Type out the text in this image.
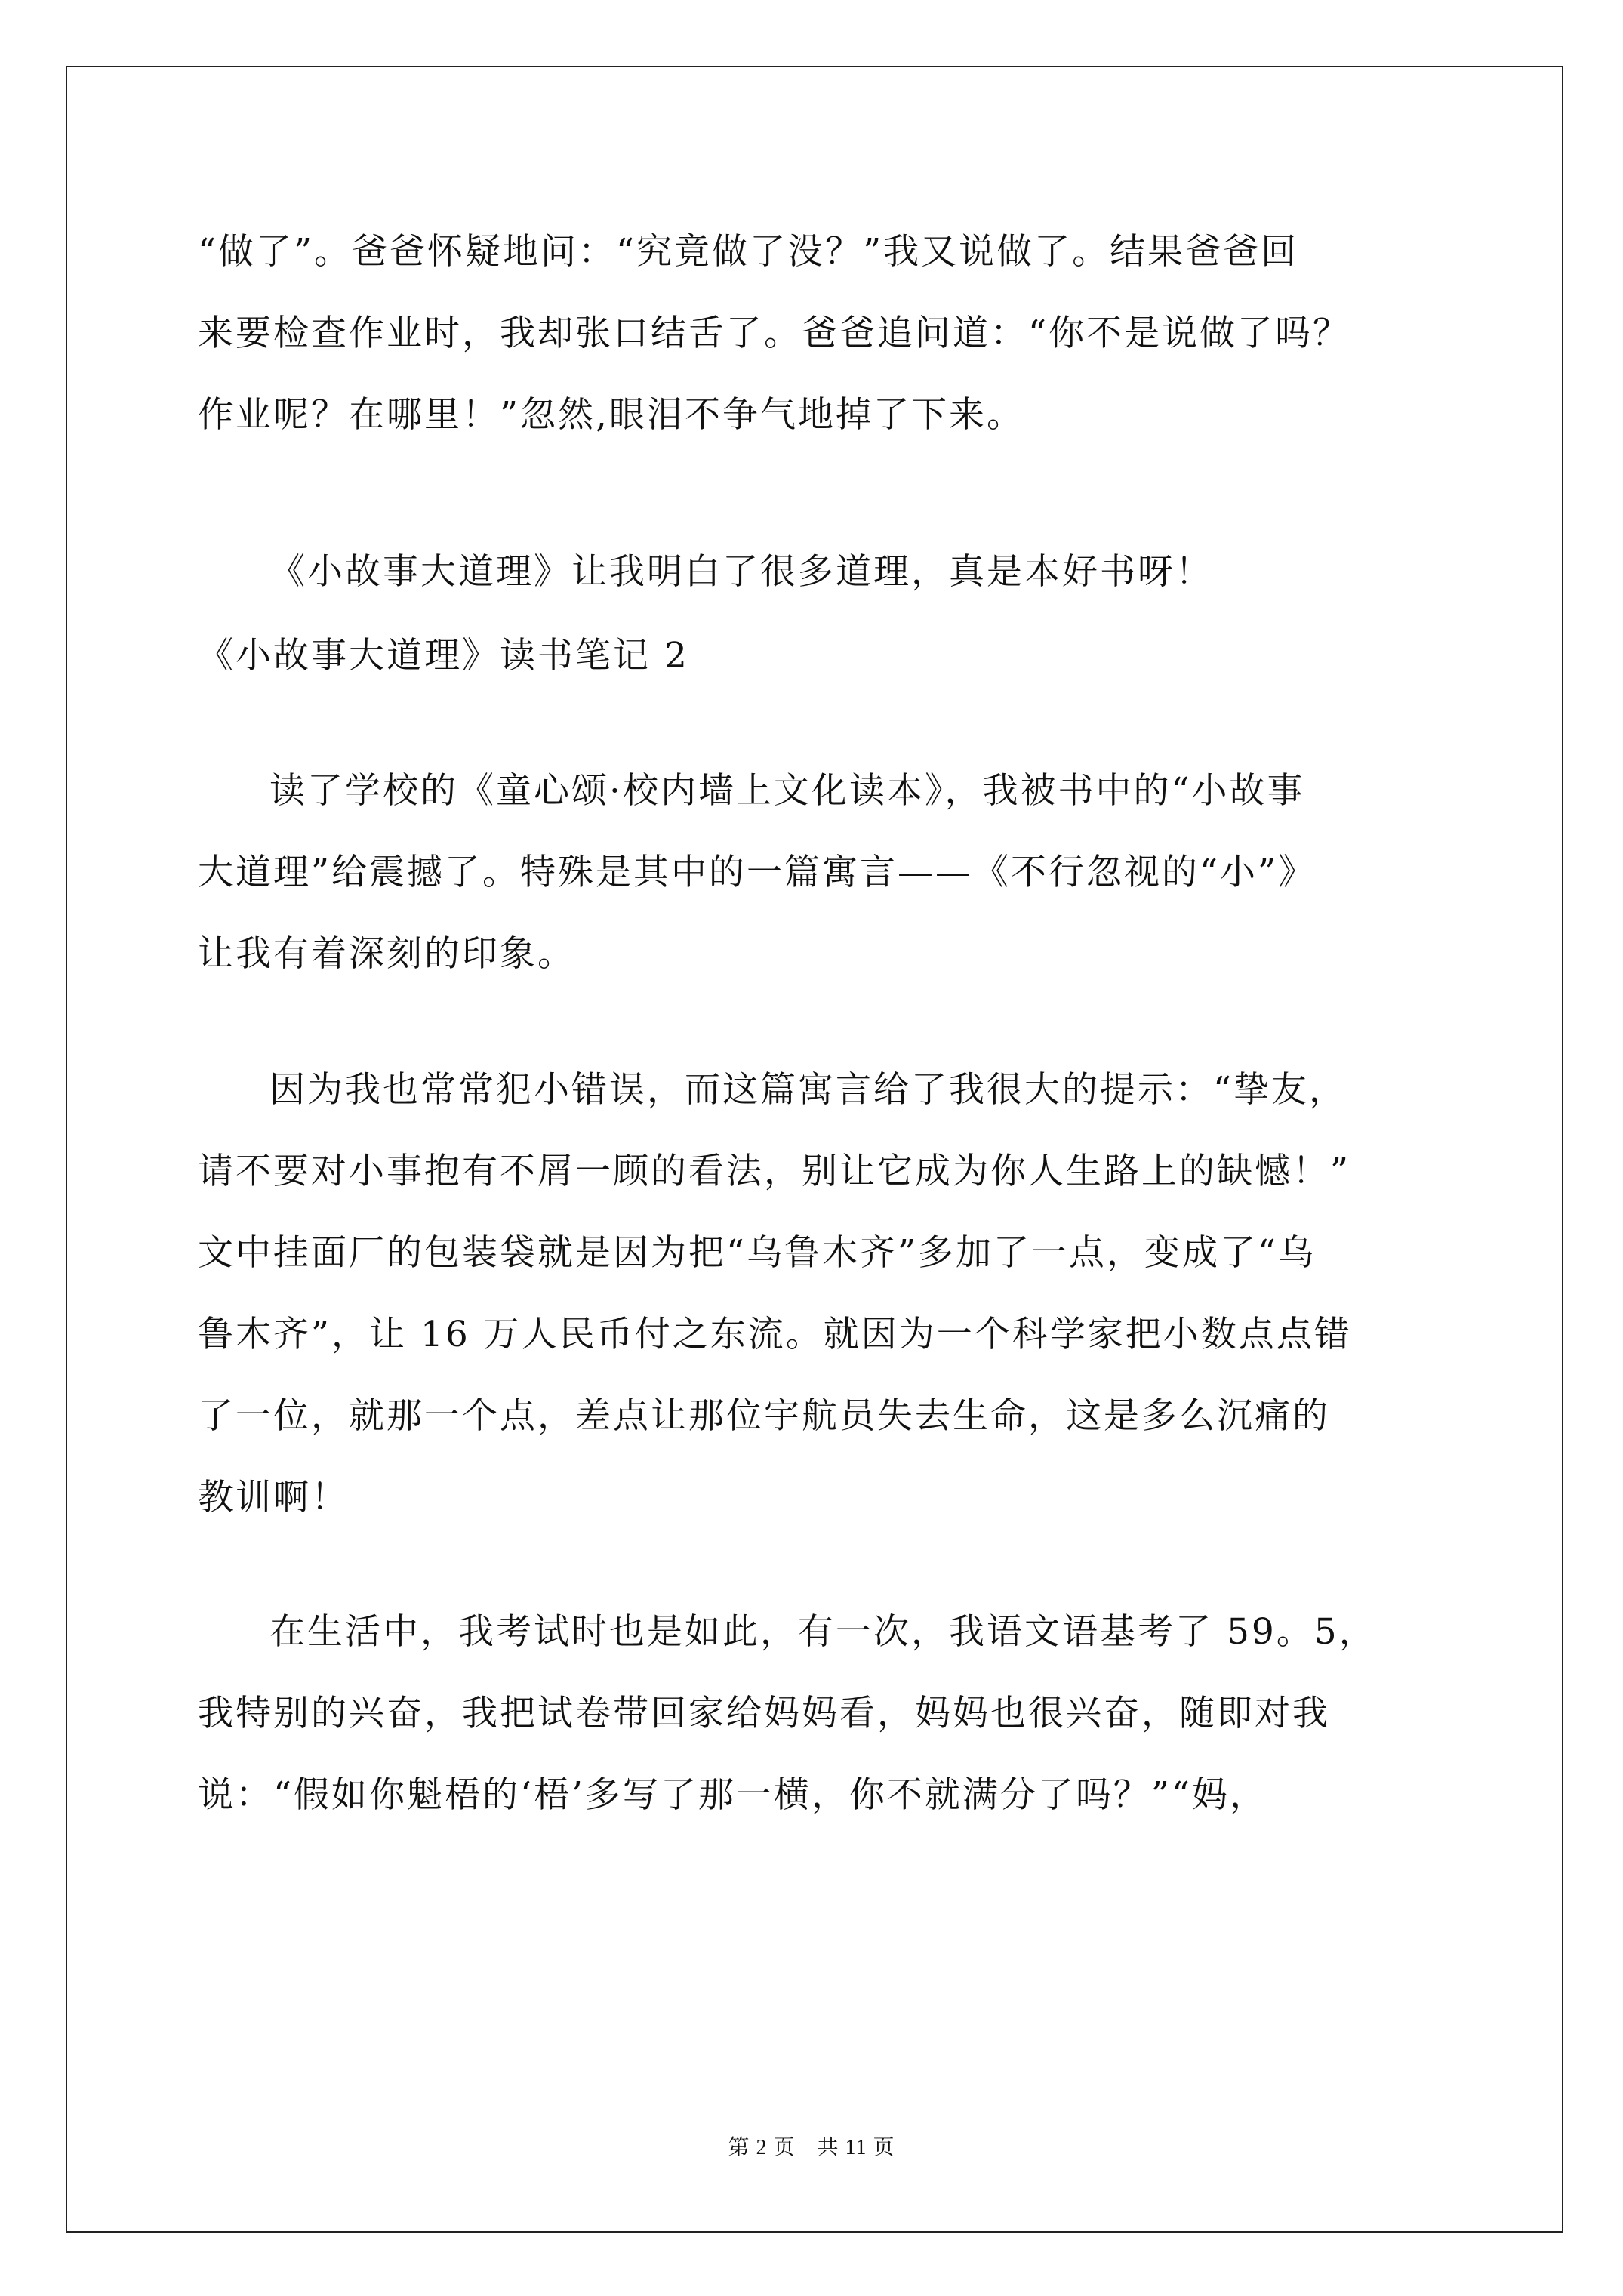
“做了”。爸爸怀疑地问：“究竟做了没？”我又说做了。结果爸爸回
来要检查作业时，我却张口结舌了。爸爸追问道：“你不是说做了吗？
作业呢？在哪里！”忽然,眼泪不争气地掉了下来。
《小故事大道理》让我明白了很多道理，真是本好书呀！
《小故事大道理》读书笔记 2
读了学校的《童心颂·校内墙上文化读本》，我被书中的“小故事
大道理”给震撼了。特殊是其中的一篇寓言——《不行忽视的“小”》
让我有着深刻的印象。
因为我也常常犯小错误，而这篇寓言给了我很大的提示：“挚友，
请不要对小事抱有不屑一顾的看法，别让它成为你人生路上的缺憾！”
文中挂面厂的包装袋就是因为把“乌鲁木齐”多加了一点，变成了“乌
鲁木齐”，让 16 万人民币付之东流。就因为一个科学家把小数点点错
了一位，就那一个点，差点让那位宇航员失去生命，这是多么沉痛的
教训啊！
在生活中，我考试时也是如此，有一次，我语文语基考了 59。5，
我特别的兴奋，我把试卷带回家给妈妈看，妈妈也很兴奋，随即对我
说：“假如你魁梧的‘梧’多写了那一横，你不就满分了吗？”“妈，
第 2 页　共 11 页
